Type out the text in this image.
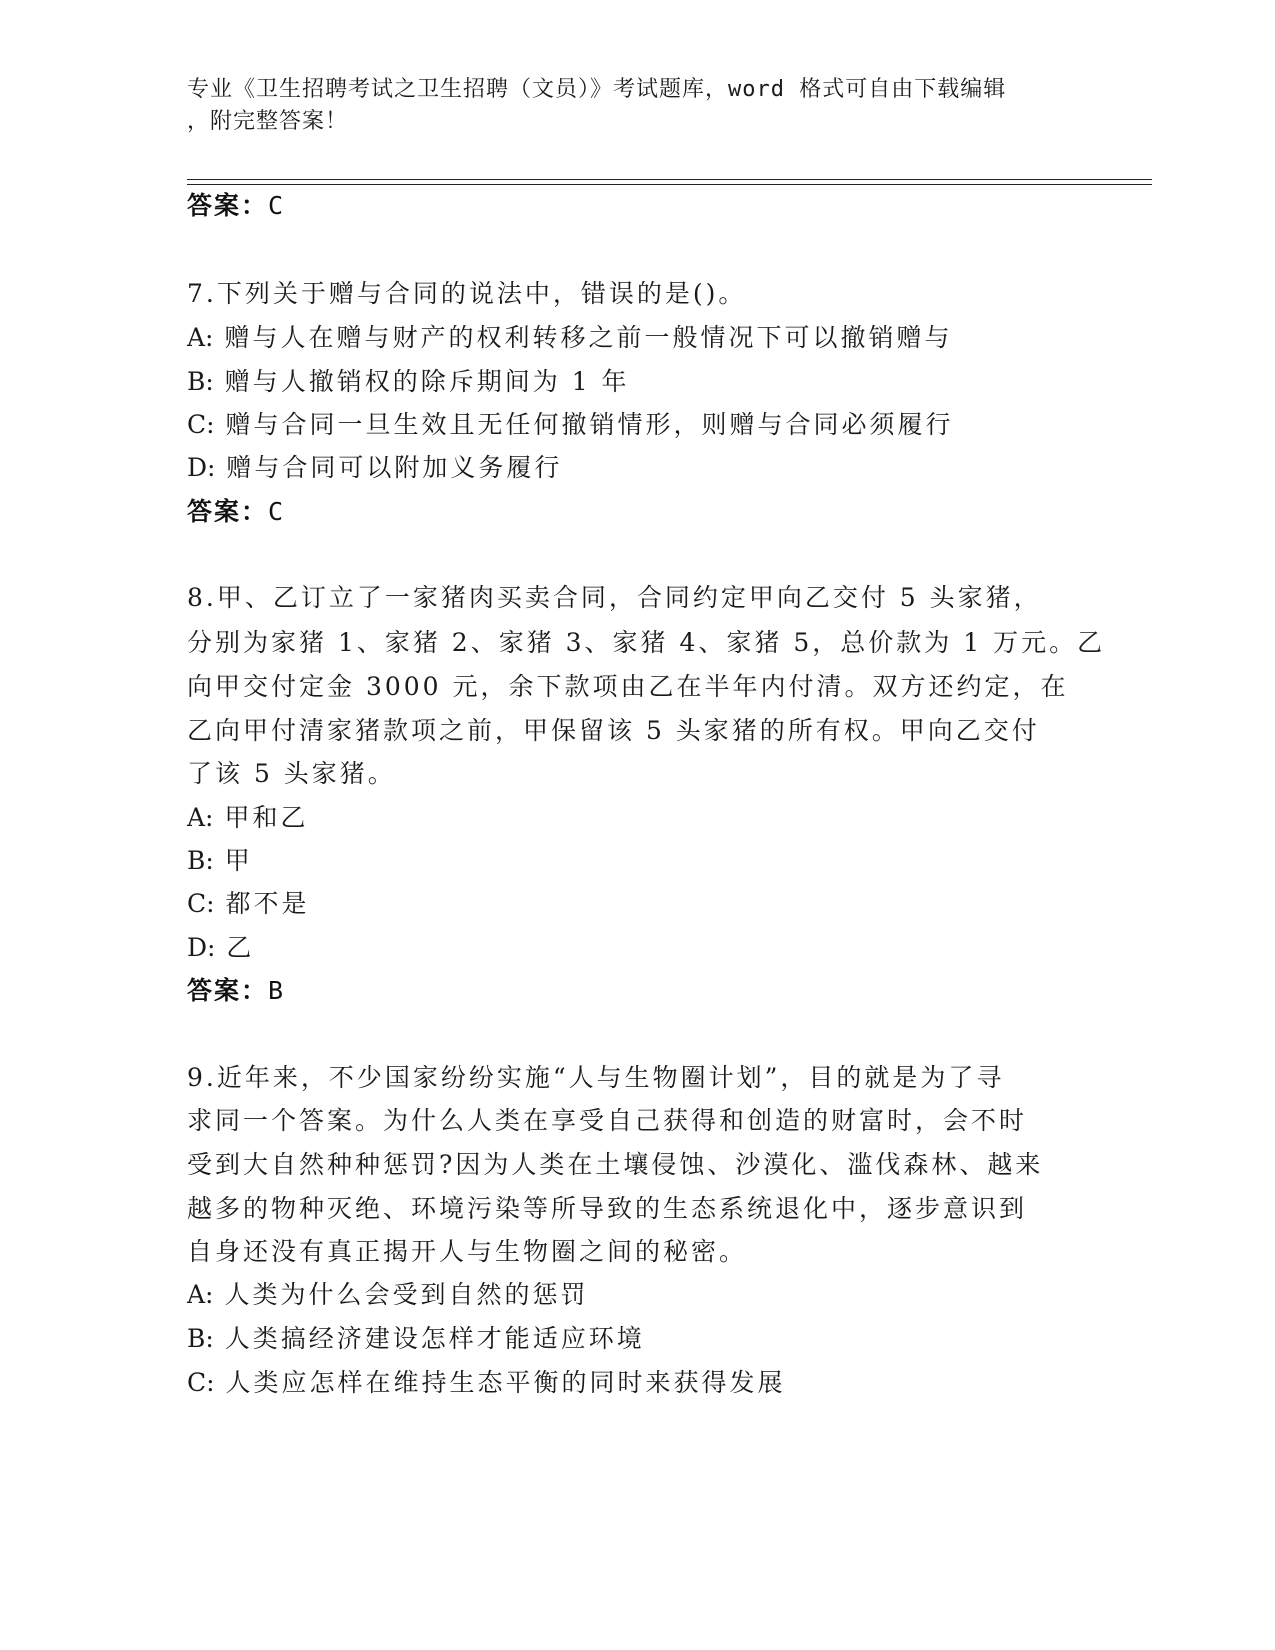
专业《卫生招聘考试之卫生招聘（文员）》考试题库，word 格式可自由下载编辑
，附完整答案！
答案：C
7.下列关于赠与合同的说法中，错误的是()。
A: 赠与人在赠与财产的权利转移之前一般情况下可以撤销赠与
B: 赠与人撤销权的除斥期间为 1 年
C: 赠与合同一旦生效且无任何撤销情形，则赠与合同必须履行
D: 赠与合同可以附加义务履行
答案：C
8.甲、乙订立了一家猪肉买卖合同，合同约定甲向乙交付 5 头家猪，
分别为家猪 1、家猪 2、家猪 3、家猪 4、家猪 5，总价款为 1 万元。乙
向甲交付定金 3000 元，余下款项由乙在半年内付清。双方还约定，在
乙向甲付清家猪款项之前，甲保留该 5 头家猪的所有权。甲向乙交付
了该 5 头家猪。
A: 甲和乙
B: 甲
C: 都不是
D: 乙
答案：B
9.近年来，不少国家纷纷实施“人与生物圈计划”，目的就是为了寻
求同一个答案。为什么人类在享受自己获得和创造的财富时，会不时
受到大自然种种惩罚?因为人类在土壤侵蚀、沙漠化、滥伐森林、越来
越多的物种灭绝、环境污染等所导致的生态系统退化中，逐步意识到
自身还没有真正揭开人与生物圈之间的秘密。
A: 人类为什么会受到自然的惩罚
B: 人类搞经济建设怎样才能适应环境
C: 人类应怎样在维持生态平衡的同时来获得发展
